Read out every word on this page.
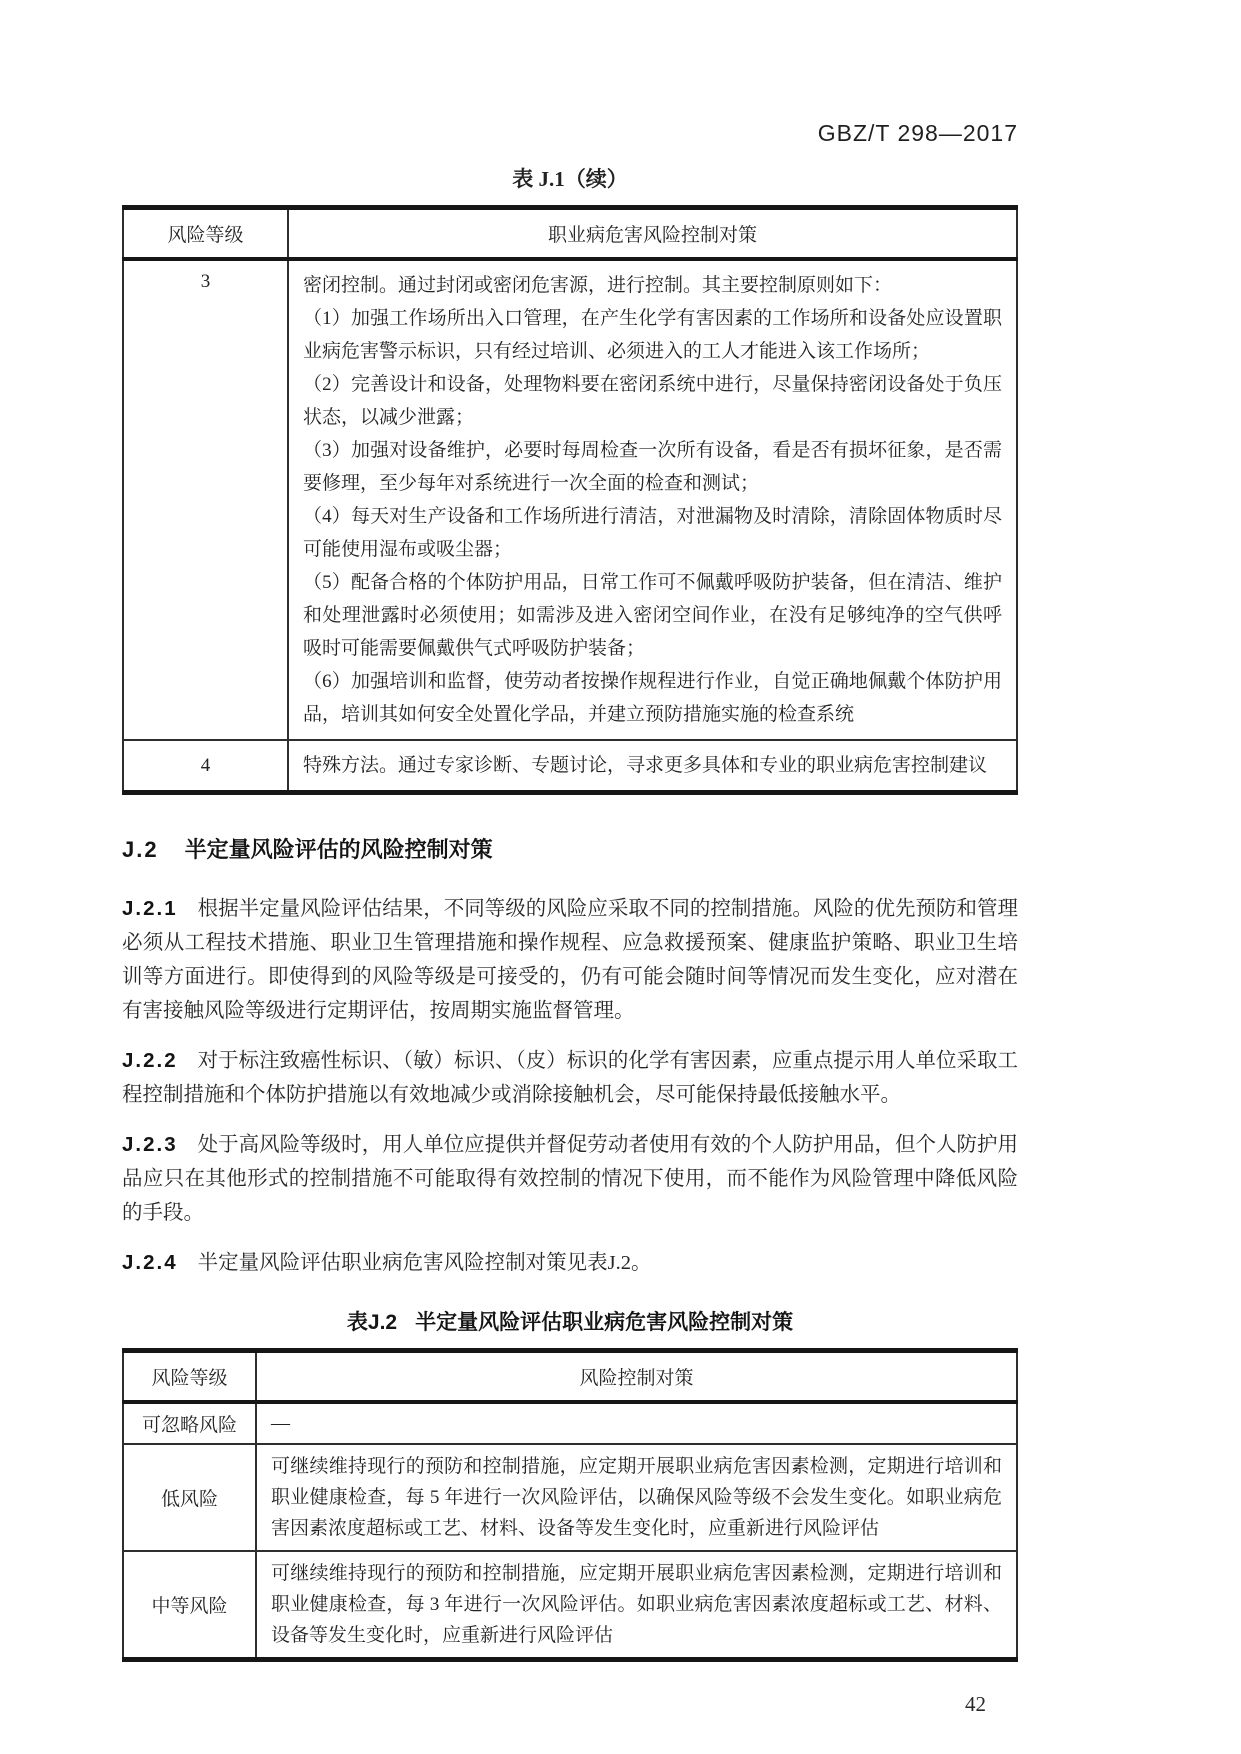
GBZ/T 298—2017
表 J.1（续）
风险等级	职业病危害风险控制对策
3	密闭控制。通过封闭或密闭危害源，进行控制。其主要控制原则如下：

（1）加强工作场所出入口管理，在产生化学有害因素的工作场所和设备处应设置职业病危害警示标识，只有经过培训、必须进入的工人才能进入该工作场所；

（2）完善设计和设备，处理物料要在密闭系统中进行，尽量保持密闭设备处于负压状态，以减少泄露；

（3）加强对设备维护，必要时每周检查一次所有设备，看是否有损坏征象，是否需要修理，至少每年对系统进行一次全面的检查和测试；

（4）每天对生产设备和工作场所进行清洁，对泄漏物及时清除，清除固体物质时尽可能使用湿布或吸尘器；

（5）配备合格的个体防护用品，日常工作可不佩戴呼吸防护装备，但在清洁、维护和处理泄露时必须使用；如需涉及进入密闭空间作业，在没有足够纯净的空气供呼吸时可能需要佩戴供气式呼吸防护装备；

（6）加强培训和监督，使劳动者按操作规程进行作业，自觉正确地佩戴个体防护用品，培训其如何安全处置化学品，并建立预防措施实施的检查系统

4	特殊方法。通过专家诊断、专题讨论，寻求更多具体和专业的职业病危害控制建议

J.2 半定量风险评估的风险控制对策

J.2.1 根据半定量风险评估结果，不同等级的风险应采取不同的控制措施。风险的优先预防和管理必须从工程技术措施、职业卫生管理措施和操作规程、应急救援预案、健康监护策略、职业卫生培训等方面进行。即使得到的风险等级是可接受的，仍有可能会随时间等情况而发生变化，应对潜在有害接触风险等级进行定期评估，按周期实施监督管理。

J.2.2 对于标注致癌性标识、（敏）标识、（皮）标识的化学有害因素，应重点提示用人单位采取工程控制措施和个体防护措施以有效地减少或消除接触机会，尽可能保持最低接触水平。

J.2.3 处于高风险等级时，用人单位应提供并督促劳动者使用有效的个人防护用品，但个人防护用品应只在其他形式的控制措施不可能取得有效控制的情况下使用，而不能作为风险管理中降低风险的手段。

J.2.4 半定量风险评估职业病危害风险控制对策见表J.2。

表J.2 半定量风险评估职业病危害风险控制对策
风险等级	风险控制对策
可忽略风险	—
低风险	可继续维持现行的预防和控制措施，应定期开展职业病危害因素检测，定期进行培训和职业健康检查，每 5 年进行一次风险评估，以确保风险等级不会发生变化。如职业病危害因素浓度超标或工艺、材料、设备等发生变化时，应重新进行风险评估
中等风险	可继续维持现行的预防和控制措施，应定期开展职业病危害因素检测，定期进行培训和职业健康检查，每 3 年进行一次风险评估。如职业病危害因素浓度超标或工艺、材料、设备等发生变化时，应重新进行风险评估
42
